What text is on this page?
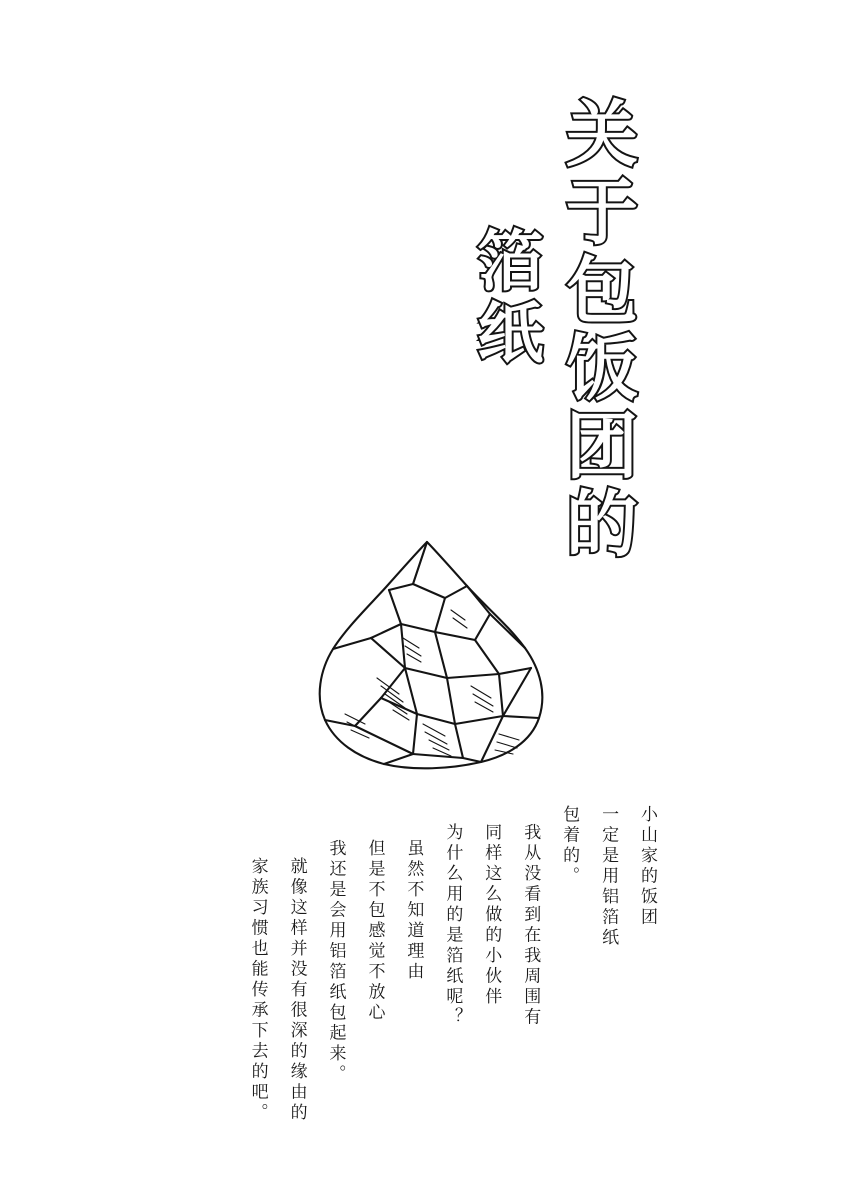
关于包饭团的
箔纸
小山家的饭团
一定是用铝箔纸
包着的。
我从没看到在我周围有
同样这么做的小伙伴
为什么用的是箔纸呢？
虽然不知道理由
但是不包感觉不放心
我还是会用铝箔纸包起来。
就像这样并没有很深的缘由的
家族习惯也能传承下去的吧。
